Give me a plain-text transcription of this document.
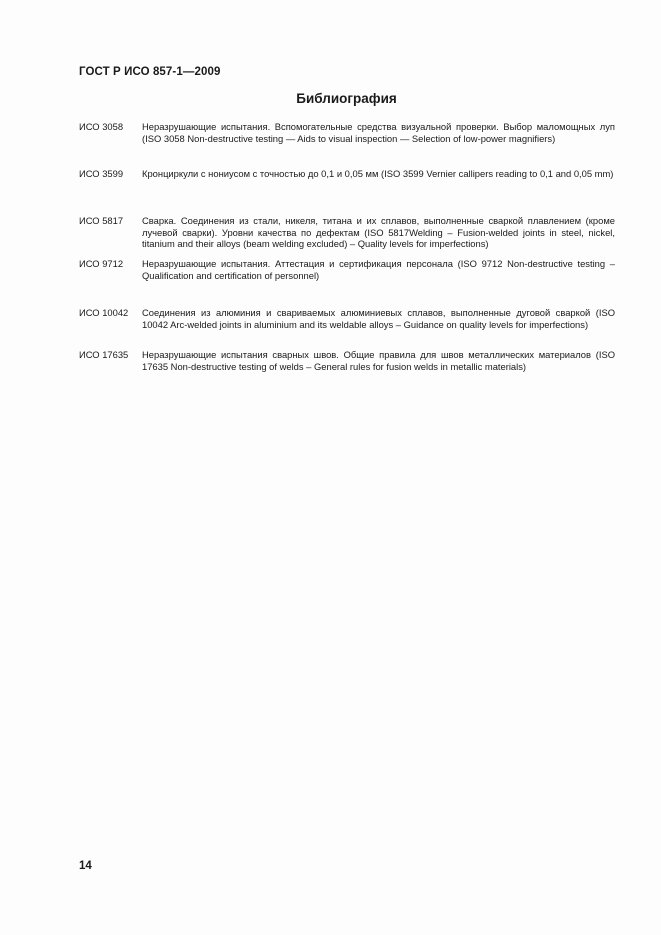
ГОСТ Р ИСО 857-1—2009
Библиография
ИСО 3058	Неразрушающие испытания. Вспомогательные средства визуальной проверки. Выбор маломощных луп (ISO 3058 Non-destructive testing — Aids to visual inspection — Selection of low-power magnifiers)
ИСО 3599	Кронциркули с нониусом с точностью до 0,1 и 0,05 мм (ISO 3599 Vernier callipers reading to 0,1 and 0,05 mm)
ИСО 5817	Сварка. Соединения из стали, никеля, титана и их сплавов, выполненные сваркой плавлением (кроме лучевой сварки). Уровни качества по дефектам (ISO 5817Welding – Fusion-welded joints in steel, nickel, titanium and their alloys (beam welding excluded) – Quality levels for imperfections)
ИСО 9712	Неразрушающие испытания. Аттестация и сертификация персонала (ISO 9712 Non-destructive testing – Qualification and certification of personnel)
ИСО 10042	Соединения из алюминия и свариваемых алюминиевых сплавов, выполненные дуговой сваркой (ISO 10042 Arc-welded joints in aluminium and its weldable alloys – Guidance on quality levels for imperfections)
ИСО 17635	Неразрушающие испытания сварных швов. Общие правила для швов металлических материалов (ISO 17635 Non-destructive testing of welds – General rules for fusion welds in metallic materials)
14
